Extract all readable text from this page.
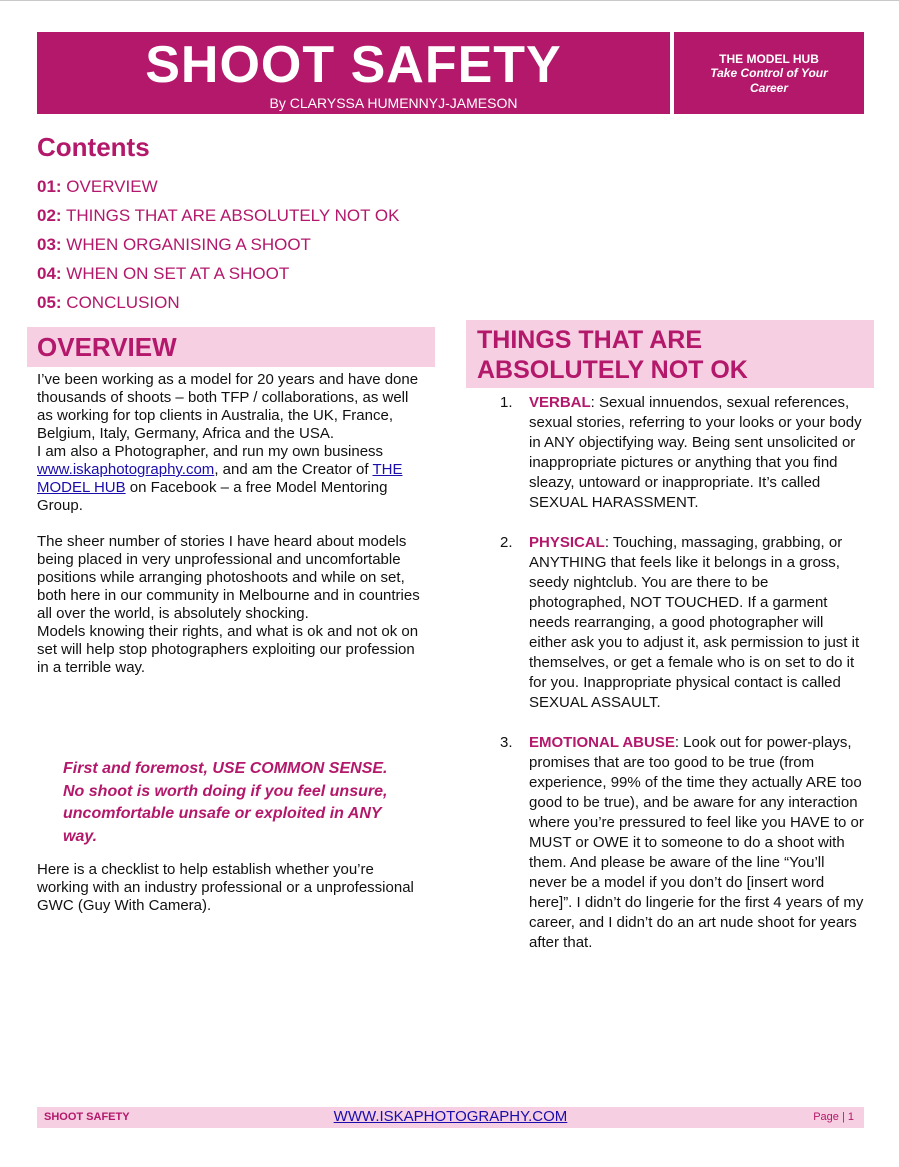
SHOOT SAFETY
By CLARYSSA HUMENNYJ-JAMESON
THE MODEL HUB
Take Control of Your Career
Contents
01: OVERVIEW
02: THINGS THAT ARE ABSOLUTELY NOT OK
03: WHEN ORGANISING A SHOOT
04: WHEN ON SET AT A SHOOT
05: CONCLUSION
OVERVIEW

I’ve been working as a model for 20 years and have done thousands of shoots – both TFP / collaborations, as well as working for top clients in Australia, the UK, France, Belgium, Italy, Germany, Africa and the USA.

I am also a Photographer, and run my own business www.iskaphotography.com, and am the Creator of THE MODEL HUB on Facebook – a free Model Mentoring Group.

The sheer number of stories I have heard about models being placed in very unprofessional and uncomfortable positions while arranging photoshoots and while on set, both here in our community in Melbourne and in countries all over the world, is absolutely shocking.

Models knowing their rights, and what is ok and not ok on set will help stop photographers exploiting our profession in a terrible way.

First and foremost, USE COMMON SENSE. No shoot is worth doing if you feel unsure, uncomfortable unsafe or exploited in ANY way.
Here is a checklist to help establish whether you’re working with an industry professional or a unprofessional GWC (Guy With Camera).
THINGS THAT ARE
ABSOLUTELY NOT OK
1. VERBAL: Sexual innuendos, sexual references, sexual stories, referring to your looks or your body in ANY objectifying way. Being sent unsolicited or inappropriate pictures or anything that you find sleazy, untoward or inappropriate. It’s called SEXUAL HARASSMENT.
2. PHYSICAL: Touching, massaging, grabbing, or ANYTHING that feels like it belongs in a gross, seedy nightclub. You are there to be photographed, NOT TOUCHED. If a garment needs rearranging, a good photographer will either ask you to adjust it, ask permission to just it themselves, or get a female who is on set to do it for you. Inappropriate physical contact is called SEXUAL ASSAULT.
3. EMOTIONAL ABUSE: Look out for power-plays, promises that are too good to be true (from experience, 99% of the time they actually ARE too good to be true), and be aware for any interaction where you’re pressured to feel like you HAVE to or MUST or OWE it to someone to do a shoot with them. And please be aware of the line “You’ll never be a model if you don’t do [insert word here]”. I didn’t do lingerie for the first 4 years of my career, and I didn’t do an art nude shoot for years after that.
SHOOT SAFETY	WWW.ISKAPHOTOGRAPHY.COM	Page | 1
